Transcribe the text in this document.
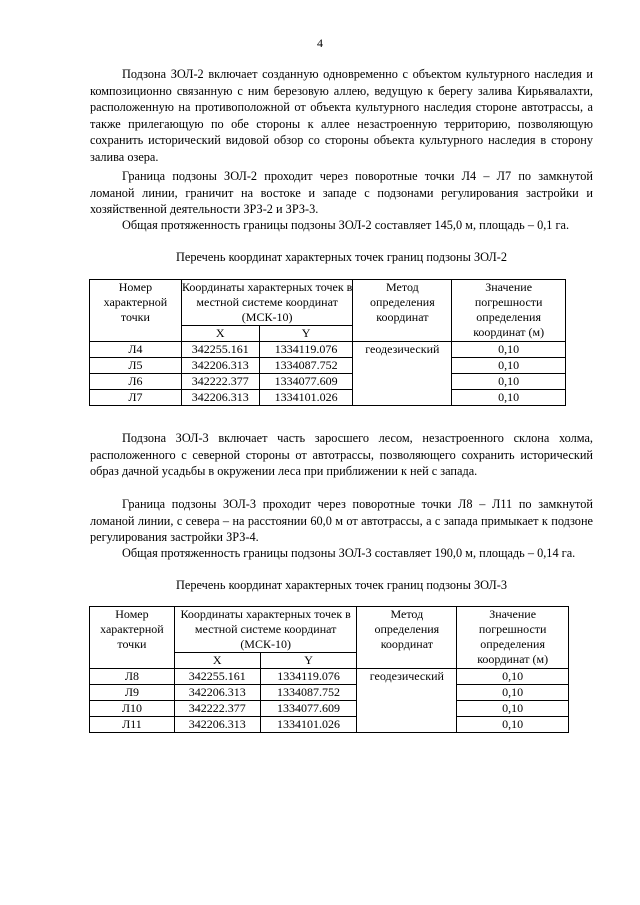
4

Подзона ЗОЛ-2 включает созданную одновременно с объектом культурного наследия и композиционно связанную с ним березовую аллею, ведущую к берегу залива Кирьявалахти, расположенную на противоположной от объекта культурного наследия стороне автотрассы, а также прилегающую по обе стороны к аллее незастроенную территорию, позволяющую сохранить исторический видовой обзор со стороны объекта культурного наследия в сторону залива озера.

Граница подзоны ЗОЛ-2 проходит через поворотные точки Л4 – Л7 по замкнутой ломаной линии, граничит на востоке и западе с подзонами регулирования застройки и хозяйственной деятельности ЗРЗ-2 и ЗРЗ-3.

Общая протяженность границы подзоны ЗОЛ-2 составляет 145,0 м, площадь – 0,1 га.

Перечень координат характерных точек границ подзоны ЗОЛ-2
Номер характерной точки	Координаты характерных точек в местной системе координат (МСК-10)		Метод определения координат	Значение погрешности определения координат (м)
	X	Y		
Л4	342255.161	1334119.076	геодезический	0,10
Л5	342206.313	1334087.752		0,10
Л6	342222.377	1334077.609		0,10
Л7	342206.313	1334101.026		0,10

Подзона ЗОЛ-3 включает часть заросшего лесом, незастроенного склона холма, расположенного с северной стороны от автотрассы, позволяющего сохранить исторический образ дачной усадьбы в окружении леса при приближении к ней с запада.

Граница подзоны ЗОЛ-3 проходит через поворотные точки Л8 – Л11 по замкнутой ломаной линии, с севера – на расстоянии 60,0 м от автотрассы, а с запада примыкает к подзоне регулирования застройки ЗРЗ-4.

Общая протяженность границы подзоны ЗОЛ-3 составляет 190,0 м, площадь – 0,14 га.

Перечень координат характерных точек границ подзоны ЗОЛ-3
Номер характерной точки	Координаты характерных точек в местной системе координат (МСК-10)		Метод определения координат	Значение погрешности определения координат (м)
	X	Y		
Л8	342255.161	1334119.076	геодезический	0,10
Л9	342206.313	1334087.752		0,10
Л10	342222.377	1334077.609		0,10
Л11	342206.313	1334101.026		0,10
